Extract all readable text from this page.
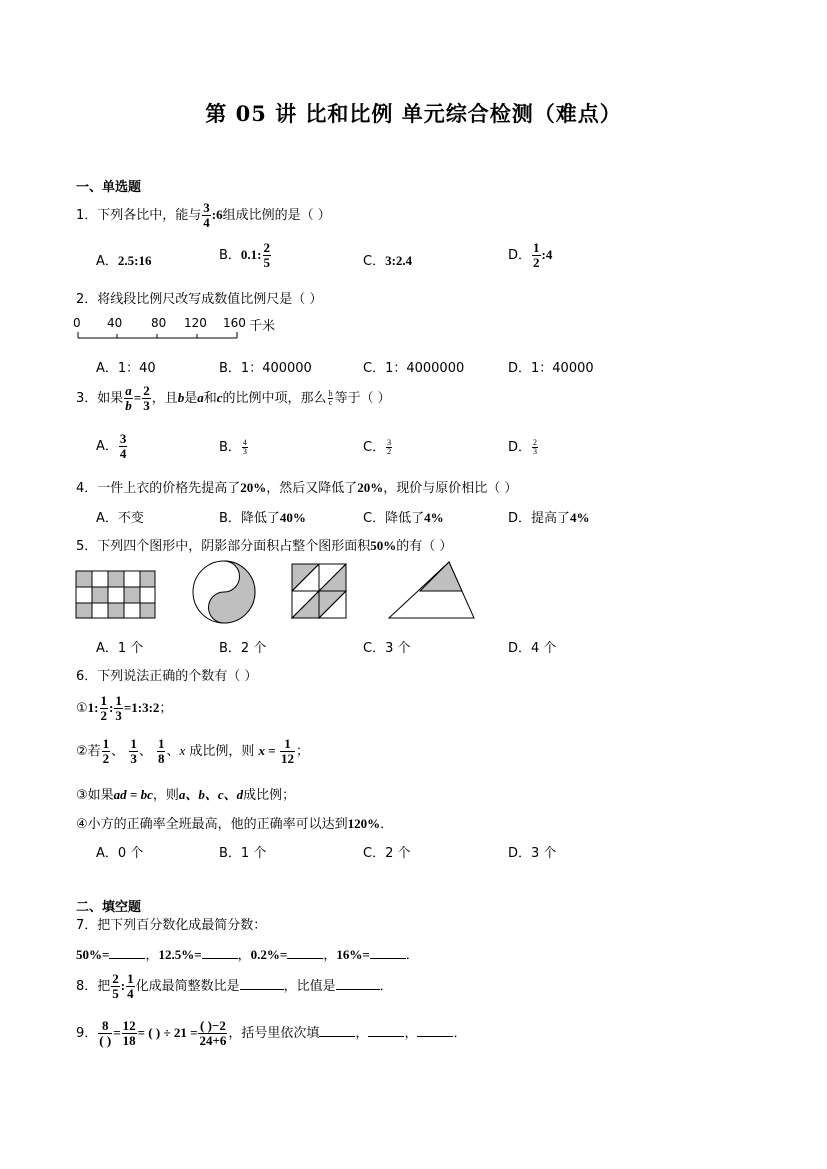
第 05 讲 比和比例 单元综合检测（难点）
一、单选题
1．下列各比中，能与 $\frac{3}{4}$ :6组成比例的是（ ）
A．2.5:16	B．0.1: $\frac{2}{5}$	C．3:2.4	D． $\frac{1}{2}$ :4
2．将线段比例尺改写成数值比例尺是（ ）
0 40 80 120 160 千米
A．1：40	B．1：400000	C．1：4000000	D．1：40000
3．如果 $\frac{a}{b} = \frac{2}{3}$ ，且b是a和c的比例中项，那么 $\frac{b}{c}$ 等于（ ）
A． $\frac{3}{4}$	B． $\frac{4}{3}$	C． $\frac{3}{2}$	D． $\frac{2}{3}$
4．一件上衣的价格先提高了20%，然后又降低了20%，现价与原价相比（ ）
A．不变	B．降低了40%	C．降低了4%	D．提高了4%
5．下列四个图形中，阴影部分面积占整个图形面积50%的有（ ）
A．1 个	B．2 个	C．3 个	D．4 个
6．下列说法正确的个数有（ ）
①1: $\frac{1}{2}$ : $\frac{1}{3}$ =1:3:2；
②若 $\frac{1}{2}$ 、 $\frac{1}{3}$ 、 $\frac{1}{8}$ 、x 成比例，则 $x = \frac{1}{12}$ ；
③如果ad = bc，则a、b、c、d成比例；
④小方的正确率全班最高，他的正确率可以达到120%．
A．0 个	B．1 个	C．2 个	D．3 个
二、填空题
7．把下列百分数化成最简分数：
50%=	，12.5%=	，0.2%=	，16%=	．
8．把 $\frac{2}{5}$ : $\frac{1}{4}$ 化成最简整数比是	，比值是	．
9． $\frac{8}{( )} = \frac{12}{18}$ = ( ) ÷ $21 = \frac{( )-2}{24+6}$ ，括号里依次填	，	，	．
